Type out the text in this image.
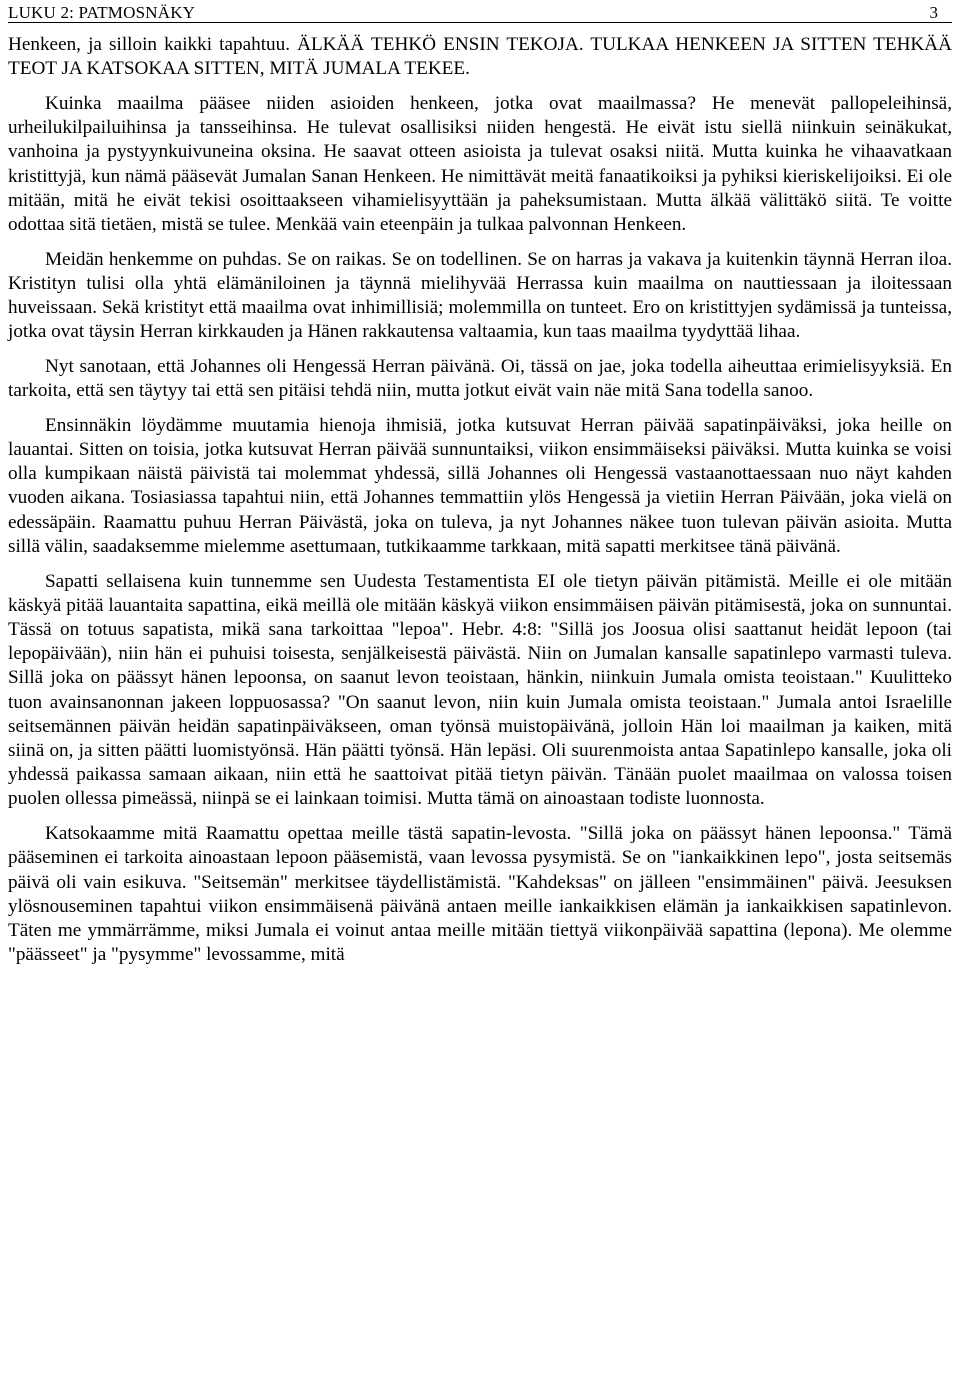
LUKU 2: PATMOSNÄKY	3

Henkeen, ja silloin kaikki tapahtuu. ÄLKÄÄ TEHKÖ ENSIN TEKOJA. TULKAA HENKEEN JA SITTEN TEHKÄÄ TEOT JA KATSOKAA SITTEN, MITÄ JUMALA TEKEE.

Kuinka maailma pääsee niiden asioiden henkeen, jotka ovat maailmassa? He menevät pallopeleihinsä, urheilukilpailuihinsa ja tansseihinsa. He tulevat osallisiksi niiden hengestä. He eivät istu siellä niinkuin seinäkukat, vanhoina ja pystyynkuivuneina oksina. He saavat otteen asioista ja tulevat osaksi niitä. Mutta kuinka he vihaavatkaan kristittyjä, kun nämä pääsevät Jumalan Sanan Henkeen. He nimittävät meitä fanaatikoiksi ja pyhiksi kieriskelijoiksi. Ei ole mitään, mitä he eivät tekisi osoittaakseen vihamielisyyttään ja paheksumistaan. Mutta älkää välittäkö siitä. Te voitte odottaa sitä tietäen, mistä se tulee. Menkää vain eteenpäin ja tulkaa palvonnan Henkeen.

Meidän henkemme on puhdas. Se on raikas. Se on todellinen. Se on harras ja vakava ja kuitenkin täynnä Herran iloa. Kristityn tulisi olla yhtä elämäniloinen ja täynnä mielihyvää Herrassa kuin maailma on nauttiessaan ja iloitessaan huveissaan. Sekä kristityt että maailma ovat inhimillisiä; molemmilla on tunteet. Ero on kristittyjen sydämissä ja tunteissa, jotka ovat täysin Herran kirkkauden ja Hänen rakkautensa valtaamia, kun taas maailma tyydyttää lihaa.

Nyt sanotaan, että Johannes oli Hengessä Herran päivänä. Oi, tässä on jae, joka todella aiheuttaa erimielisyyksiä. En tarkoita, että sen täytyy tai että sen pitäisi tehdä niin, mutta jotkut eivät vain näe mitä Sana todella sanoo.

Ensinnäkin löydämme muutamia hienoja ihmisiä, jotka kutsuvat Herran päivää sapatinpäiväksi, joka heille on lauantai. Sitten on toisia, jotka kutsuvat Herran päivää sunnuntaiksi, viikon ensimmäiseksi päiväksi. Mutta kuinka se voisi olla kumpikaan näistä päivistä tai molemmat yhdessä, sillä Johannes oli Hengessä vastaanottaessaan nuo näyt kahden vuoden aikana. Tosiasiassa tapahtui niin, että Johannes temmattiin ylös Hengessä ja vietiin Herran Päivään, joka vielä on edessäpäin. Raamattu puhuu Herran Päivästä, joka on tuleva, ja nyt Johannes näkee tuon tulevan päivän asioita. Mutta sillä välin, saadaksemme mielemme asettumaan, tutkikaamme tarkkaan, mitä sapatti merkitsee tänä päivänä.

Sapatti sellaisena kuin tunnemme sen Uudesta Testamentista EI ole tietyn päivän pitämistä. Meille ei ole mitään käskyä pitää lauantaita sapattina, eikä meillä ole mitään käskyä viikon ensimmäisen päivän pitämisestä, joka on sunnuntai. Tässä on totuus sapatista, mikä sana tarkoittaa "lepoa". Hebr. 4:8: "Sillä jos Joosua olisi saattanut heidät lepoon (tai lepopäivään), niin hän ei puhuisi toisesta, senjälkeisestä päivästä. Niin on Jumalan kansalle sapatinlepo varmasti tuleva. Sillä joka on päässyt hänen lepoonsa, on saanut levon teoistaan, hänkin, niinkuin Jumala omista teoistaan." Kuulitteko tuon avainsanonnan jakeen loppuosassa? "On saanut levon, niin kuin Jumala omista teoistaan." Jumala antoi Israelille seitsemännen päivän heidän sapatinpäiväkseen, oman työnsä muistopäivänä, jolloin Hän loi maailman ja kaiken, mitä siinä on, ja sitten päätti luomistyönsä. Hän päätti työnsä. Hän lepäsi. Oli suurenmoista antaa Sapatinlepo kansalle, joka oli yhdessä paikassa samaan aikaan, niin että he saattoivat pitää tietyn päivän. Tänään puolet maailmaa on valossa toisen puolen ollessa pimeässä, niinpä se ei lainkaan toimisi. Mutta tämä on ainoastaan todiste luonnosta.

Katsokaamme mitä Raamattu opettaa meille tästä sapatin-levosta. "Sillä joka on päässyt hänen lepoonsa." Tämä pääseminen ei tarkoita ainoastaan lepoon pääsemistä, vaan levossa pysymistä. Se on "iankaikkinen lepo", josta seitsemäs päivä oli vain esikuva. "Seitsemän" merkitsee täydellistämistä. "Kahdeksas" on jälleen "ensimmäinen" päivä. Jeesuksen ylösnouseminen tapahtui viikon ensimmäisenä päivänä antaen meille iankaikkisen elämän ja iankaikkisen sapatinlevon. Täten me ymmärrämme, miksi Jumala ei voinut antaa meille mitään tiettyä viikonpäivää sapattina (lepona). Me olemme "päässeet" ja "pysymme" levossamme, mitä
